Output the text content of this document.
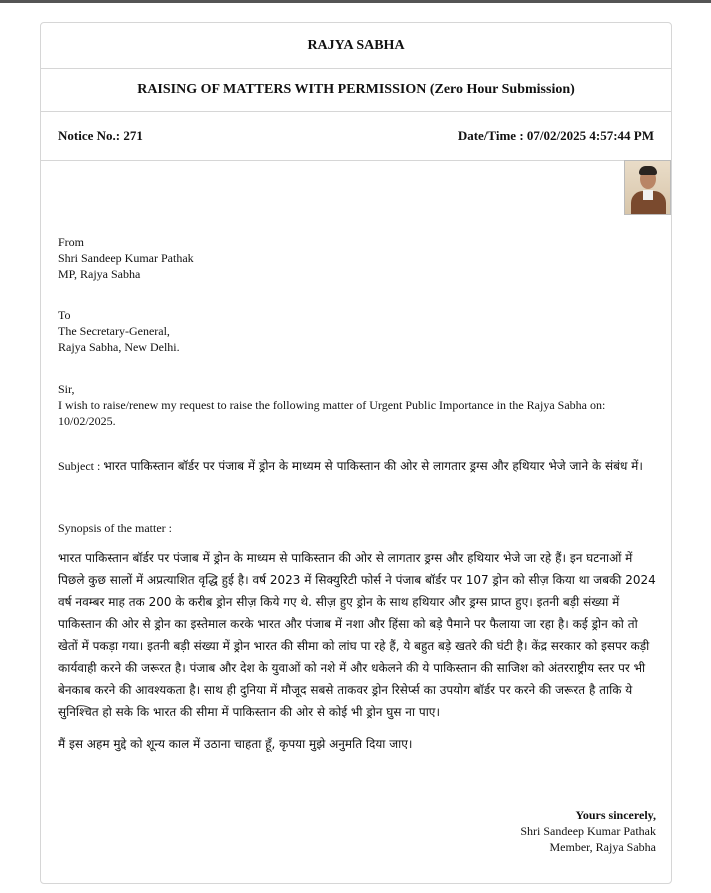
RAJYA SABHA
RAISING OF MATTERS WITH PERMISSION (Zero Hour Submission)
Notice No.: 271	Date/Time : 07/02/2025 4:57:44 PM
From
Shri Sandeep Kumar Pathak
MP, Rajya Sabha
To
The Secretary-General,
Rajya Sabha, New Delhi.
Sir,
I wish to raise/renew my request to raise the following matter of Urgent Public Importance in the Rajya Sabha on: 10/02/2025.
Subject : भारत पाकिस्तान बॉर्डर पर पंजाब में ड्रोन के माध्यम से पाकिस्तान की ओर से लागतार ड्रग्स और हथियार भेजे जाने के संबंध में।
Synopsis of the matter :
भारत पाकिस्तान बॉर्डर पर पंजाब में ड्रोन के माध्यम से पाकिस्तान की ओर से लागतार ड्रग्स और हथियार भेजे जा रहे हैं। इन घटनाओं में पिछले कुछ सालों में अप्रत्याशित वृद्धि हुई है। वर्ष 2023 में सिक्युरिटी फोर्स ने पंजाब बॉर्डर पर 107 ड्रोन को सीज़ किया था जबकी 2024 वर्ष नवम्बर माह तक 200 के करीब ड्रोन सीज़ किये गए थे. सीज़ हुए ड्रोन के साथ हथियार और ड्रग्स प्राप्त हुए। इतनी बड़ी संख्या में पाकिस्तान की ओर से ड्रोन का इस्तेमाल करके भारत और पंजाब में नशा और हिंसा को बड़े पैमाने पर फैलाया जा रहा है। कई ड्रोन को तो खेतों में पकड़ा गया। इतनी बड़ी संख्या में ड्रोन भारत की सीमा को लांघ पा रहे हैं, ये बहुत बड़े खतरे की घंटी है। केंद्र सरकार को इसपर कड़ी कार्यवाही करने की जरूरत है। पंजाब और देश के युवाओं को नशे में और धकेलने की ये पाकिस्तान की साजिश को अंतरराष्ट्रीय स्तर पर भी बेनकाब करने की आवश्यकता है। साथ ही दुनिया में मौजूद सबसे ताकवर ड्रोन रिसेर्प्स का उपयोग बॉर्डर पर करने की जरूरत है ताकि ये सुनिश्चित हो सके कि भारत की सीमा में पाकिस्तान की ओर से कोई भी ड्रोन घुस ना पाए।
मैं इस अहम मुद्दे को शून्य काल में उठाना चाहता हूँ, कृपया मुझे अनुमति दिया जाए।
Yours sincerely,
Shri Sandeep Kumar Pathak
Member, Rajya Sabha
